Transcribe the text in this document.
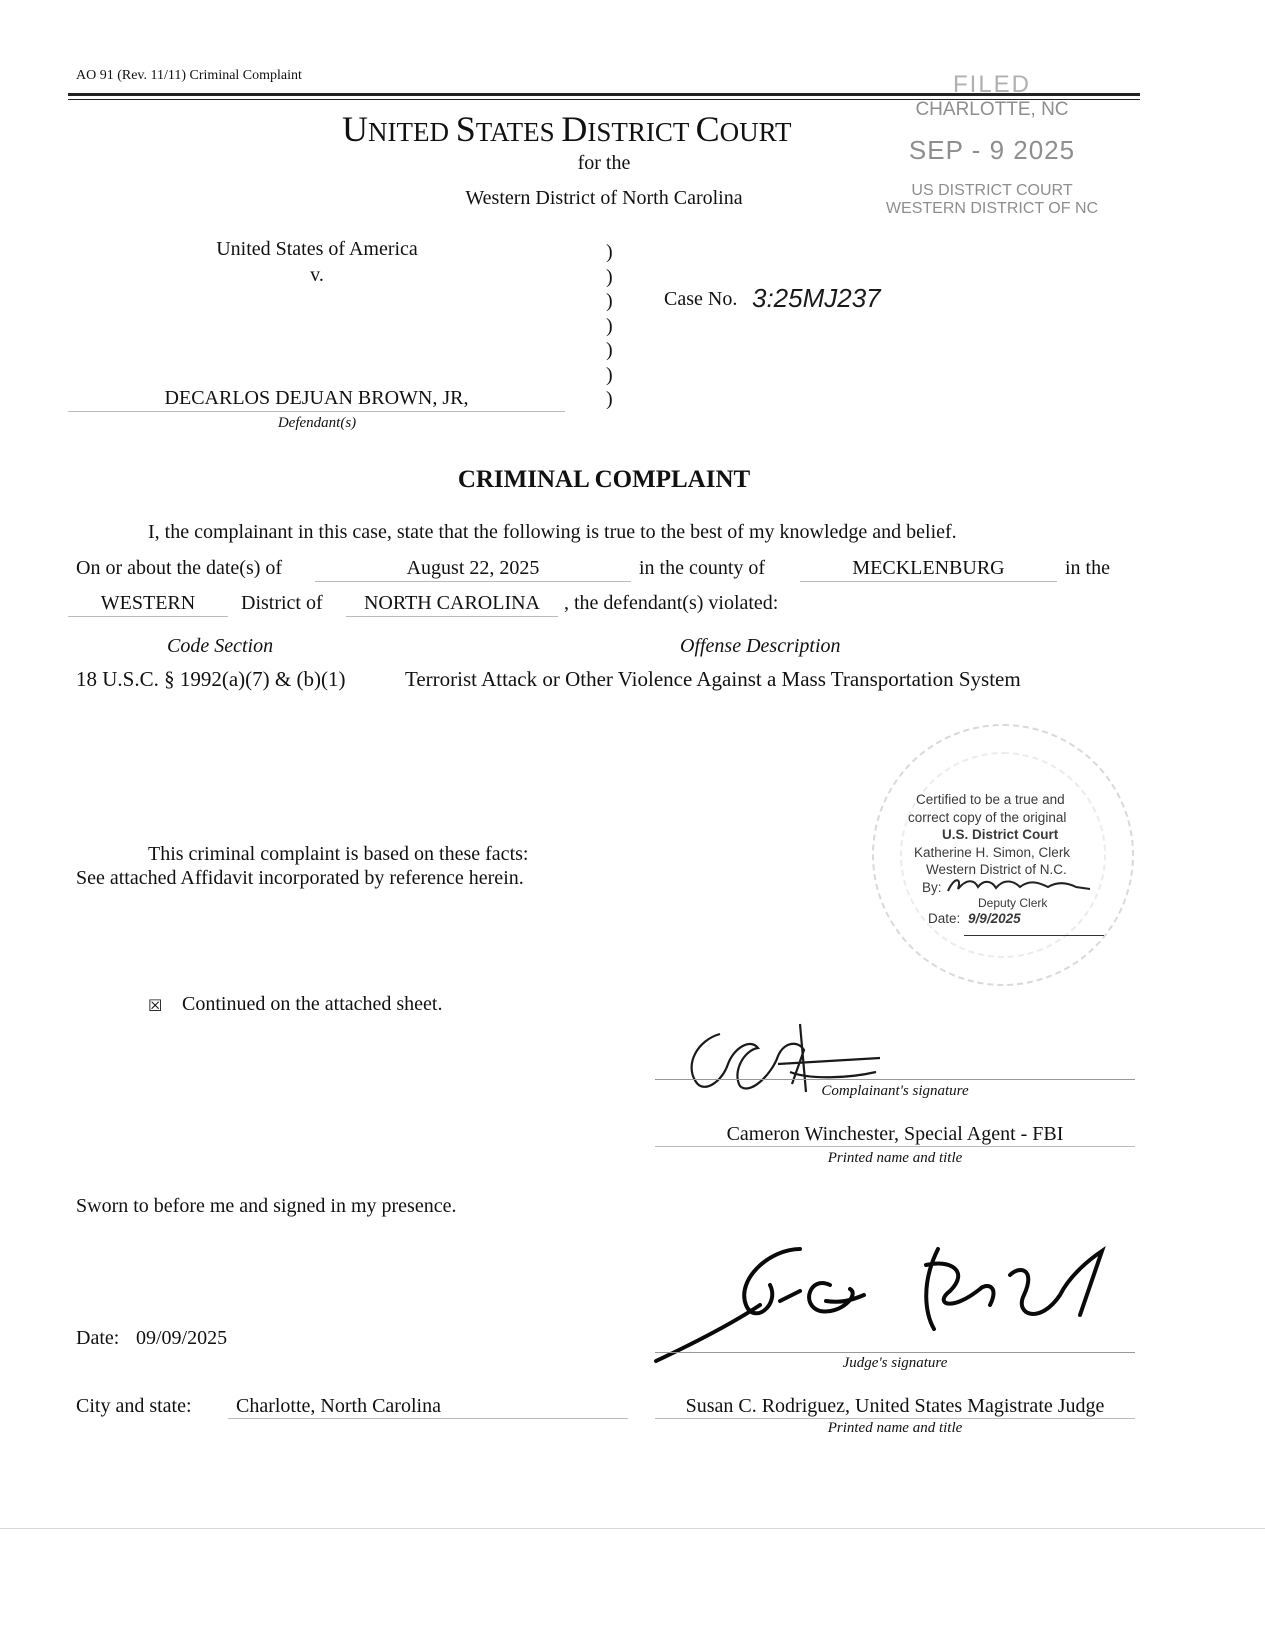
AO 91 (Rev. 11/11) Criminal Complaint
UNITED STATES DISTRICT COURT
for the
Western District of North Carolina
FILED
CHARLOTTE, NC
SEP - 9 2025
US DISTRICT COURT
WESTERN DISTRICT OF NC
United States of America
v.
)
)
)
)
)
)
)
Case No. 3:25MJ237
DECARLOS DEJUAN BROWN, JR,
Defendant(s)
CRIMINAL COMPLAINT
I, the complainant in this case, state that the following is true to the best of my knowledge and belief.
On or about the date(s) of	August 22, 2025	in the county of	MECKLENBURG	in the
WESTERN	District of	NORTH CAROLINA	, the defendant(s) violated:
Code Section	Offense Description
18 U.S.C. § 1992(a)(7) & (b)(1)	Terrorist Attack or Other Violence Against a Mass Transportation System
This criminal complaint is based on these facts:
See attached Affidavit incorporated by reference herein.
Certified to be a true and
correct copy of the original
U.S. District Court
Katherine H. Simon, Clerk
Western District of N.C.
By:
Deputy Clerk
Date: 9/9/2025
☒ Continued on the attached sheet.
Complainant's signature
Cameron Winchester, Special Agent - FBI
Printed name and title
Sworn to before me and signed in my presence.
Judge's signature
Date: 09/09/2025
City and state: Charlotte, North Carolina	Susan C. Rodriguez, United States Magistrate Judge
Printed name and title
